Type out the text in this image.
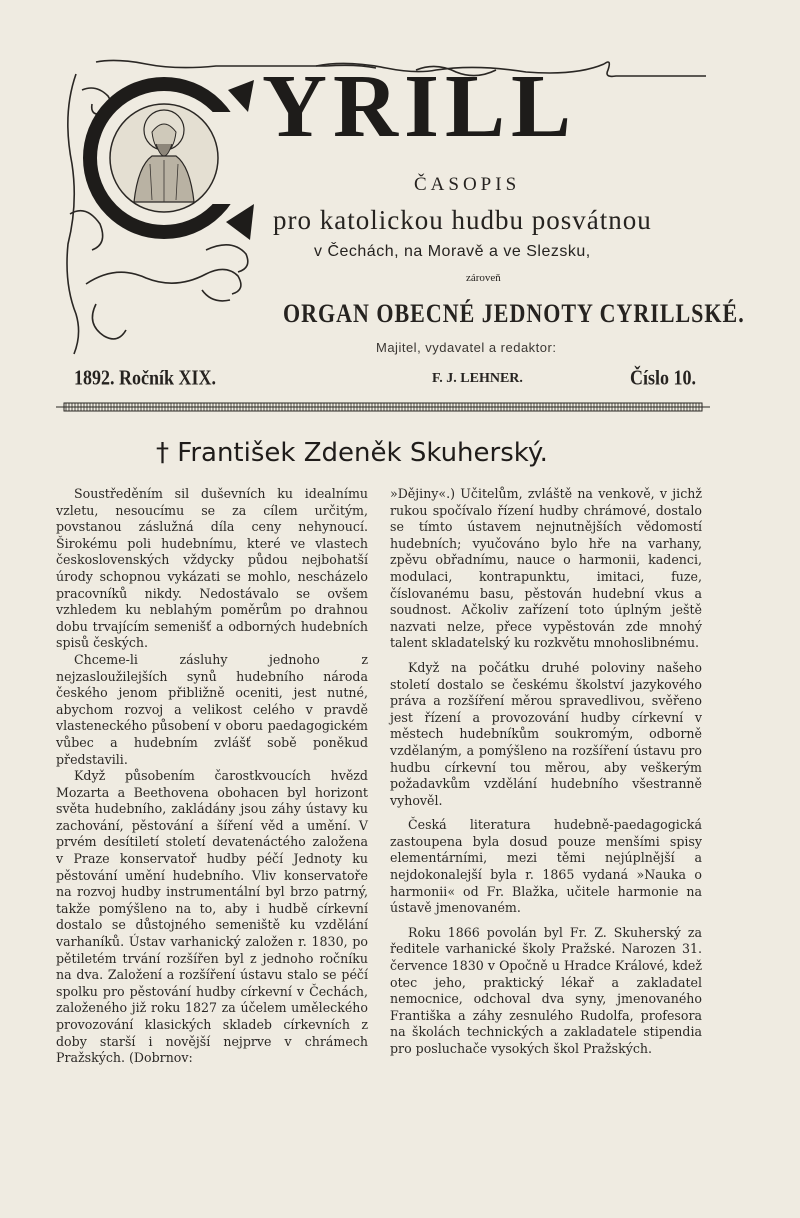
YRILL
ČASOPIS
pro katolickou hudbu posvátnou
v Čechách, na Moravě a ve Slezsku,
zároveň
ORGAN OBECNÉ JEDNOTY CYRILLSKÉ.
Majitel, vydavatel a redaktor:
1892. Ročník XIX.	F. J. LEHNER.	Číslo 10.
† František Zdeněk Skuherský.

Soustředěním sil duševních ku idealnímu vzletu, nesoucímu se za cílem určitým, povstanou záslužná díla ceny nehynoucí. Širokému poli hudebnímu, které ve vlastech československých vždycky půdou nejbohatší úrody schopnou vykázati se mohlo, nescházelo pracovníků nikdy. Nedostávalo se ovšem vzhledem ku neblahým poměrům po drahnou dobu trvajícím semenišť a odborných hudebních spisů českých.

Chceme-li zásluhy jednoho z nejzasloužilejších synů hudebního národa českého jenom přibližně oceniti, jest nutné, abychom rozvoj a velikost celého v pravdě vlasteneckého působení v oboru paedagogickém vůbec a hudebním zvlášť sobě poněkud představili.

Když působením čarostkvoucích hvězd Mozarta a Beethovena obohacen byl horizont světa hudebního, zakládány jsou záhy ústavy ku zachování, pěstování a šíření věd a umění. V prvém desítiletí století devatenáctého založena v Praze konservatoř hudby péčí Jednoty ku pěstování umění hudebního. Vliv konservatoře na rozvoj hudby instrumentální byl brzo patrný, takže pomýšleno na to, aby i hudbě církevní dostalo se důstojného semeniště ku vzdělání varhaníků. Ústav varhanický založen r. 1830, po pětiletém trvání rozšířen byl z jednoho ročníku na dva. Založení a rozšíření ústavu stalo se péčí spolku pro pěstování hudby církevní v Čechách, založeného již roku 1827 za účelem uměleckého provozování klasických skladeb církevních z doby starší i novější nejprve v chrámech Pražských. (Dobrnov:

»Dějiny«.) Učitelům, zvláště na venkově, v jichž rukou spočívalo řízení hudby chrámové, dostalo se tímto ústavem nejnutnějších vědomostí hudebních; vyučováno bylo hře na varhany, zpěvu obřadnímu, nauce o harmonii, kadenci, modulaci, kontrapunktu, imitaci, fuze, číslovanému basu, pěstován hudební vkus a soudnost. Ačkoliv zařízení toto úplným ještě nazvati nelze, přece vypěstován zde mnohý talent skladatelský ku rozkvětu mnohoslibnému.

Když na počátku druhé poloviny našeho století dostalo se českému školství jazykového práva a rozšíření měrou spravedlivou, svěřeno jest řízení a provozování hudby církevní v městech hudebníkům soukromým, odborně vzdělaným, a pomýšleno na rozšíření ústavu pro hudbu církevní tou měrou, aby veškerým požadavkům vzdělání hudebního všestranně vyhověl.

Česká literatura hudebně-paedagogická zastoupena byla dosud pouze menšími spisy elementárními, mezi těmi nejúplnější a nejdokonalejší byla r. 1865 vydaná »Nauka o harmonii« od Fr. Blažka, učitele harmonie na ústavě jmenovaném.

Roku 1866 povolán byl Fr. Z. Skuherský za ředitele varhanické školy Pražské. Narozen 31. července 1830 v Opočně u Hradce Králové, kdež otec jeho, praktický lékař a zakladatel nemocnice, odchoval dva syny, jmenovaného Františka a záhy zesnulého Rudolfa, profesora na školách technických a zakladatele stipendia pro posluchače vysokých škol Pražských.
